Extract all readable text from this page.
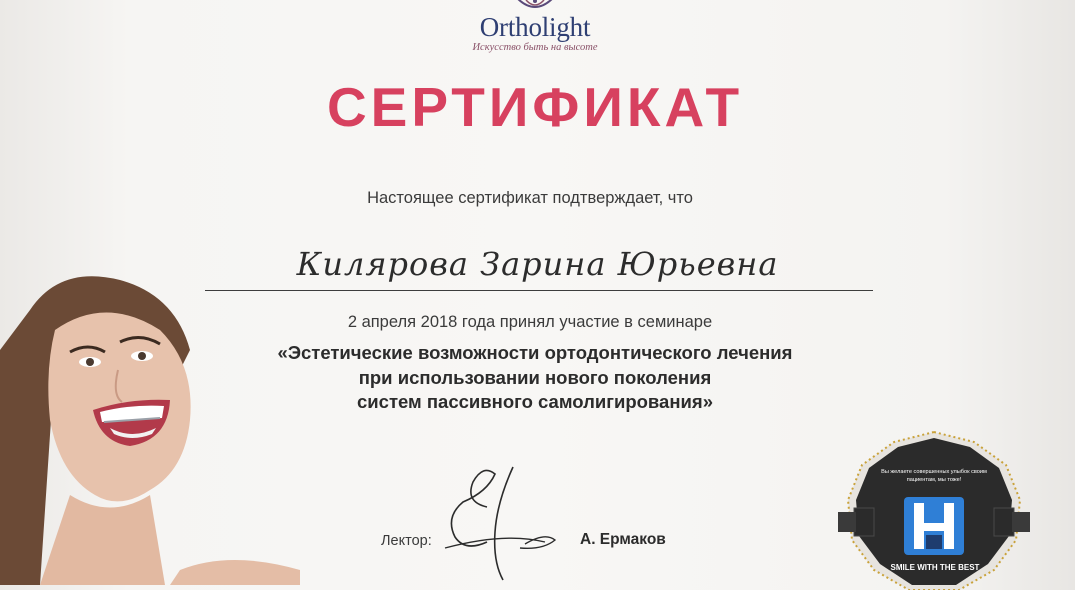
Ortholight
Искусство быть на высоте
СЕРТИФИКАТ
Настоящее сертификат подтверждает, что
Килярова Зарина Юрьевна
2 апреля 2018 года принял участие в семинаре
«Эстетические возможности ортодонтического лечения
при использовании нового поколения
систем пассивного самолигирования»
Лектор:	А. Ермаков
Вы желаете совершенных улыбок своим пациентам, мы тоже!
SMILE WITH THE BEST
